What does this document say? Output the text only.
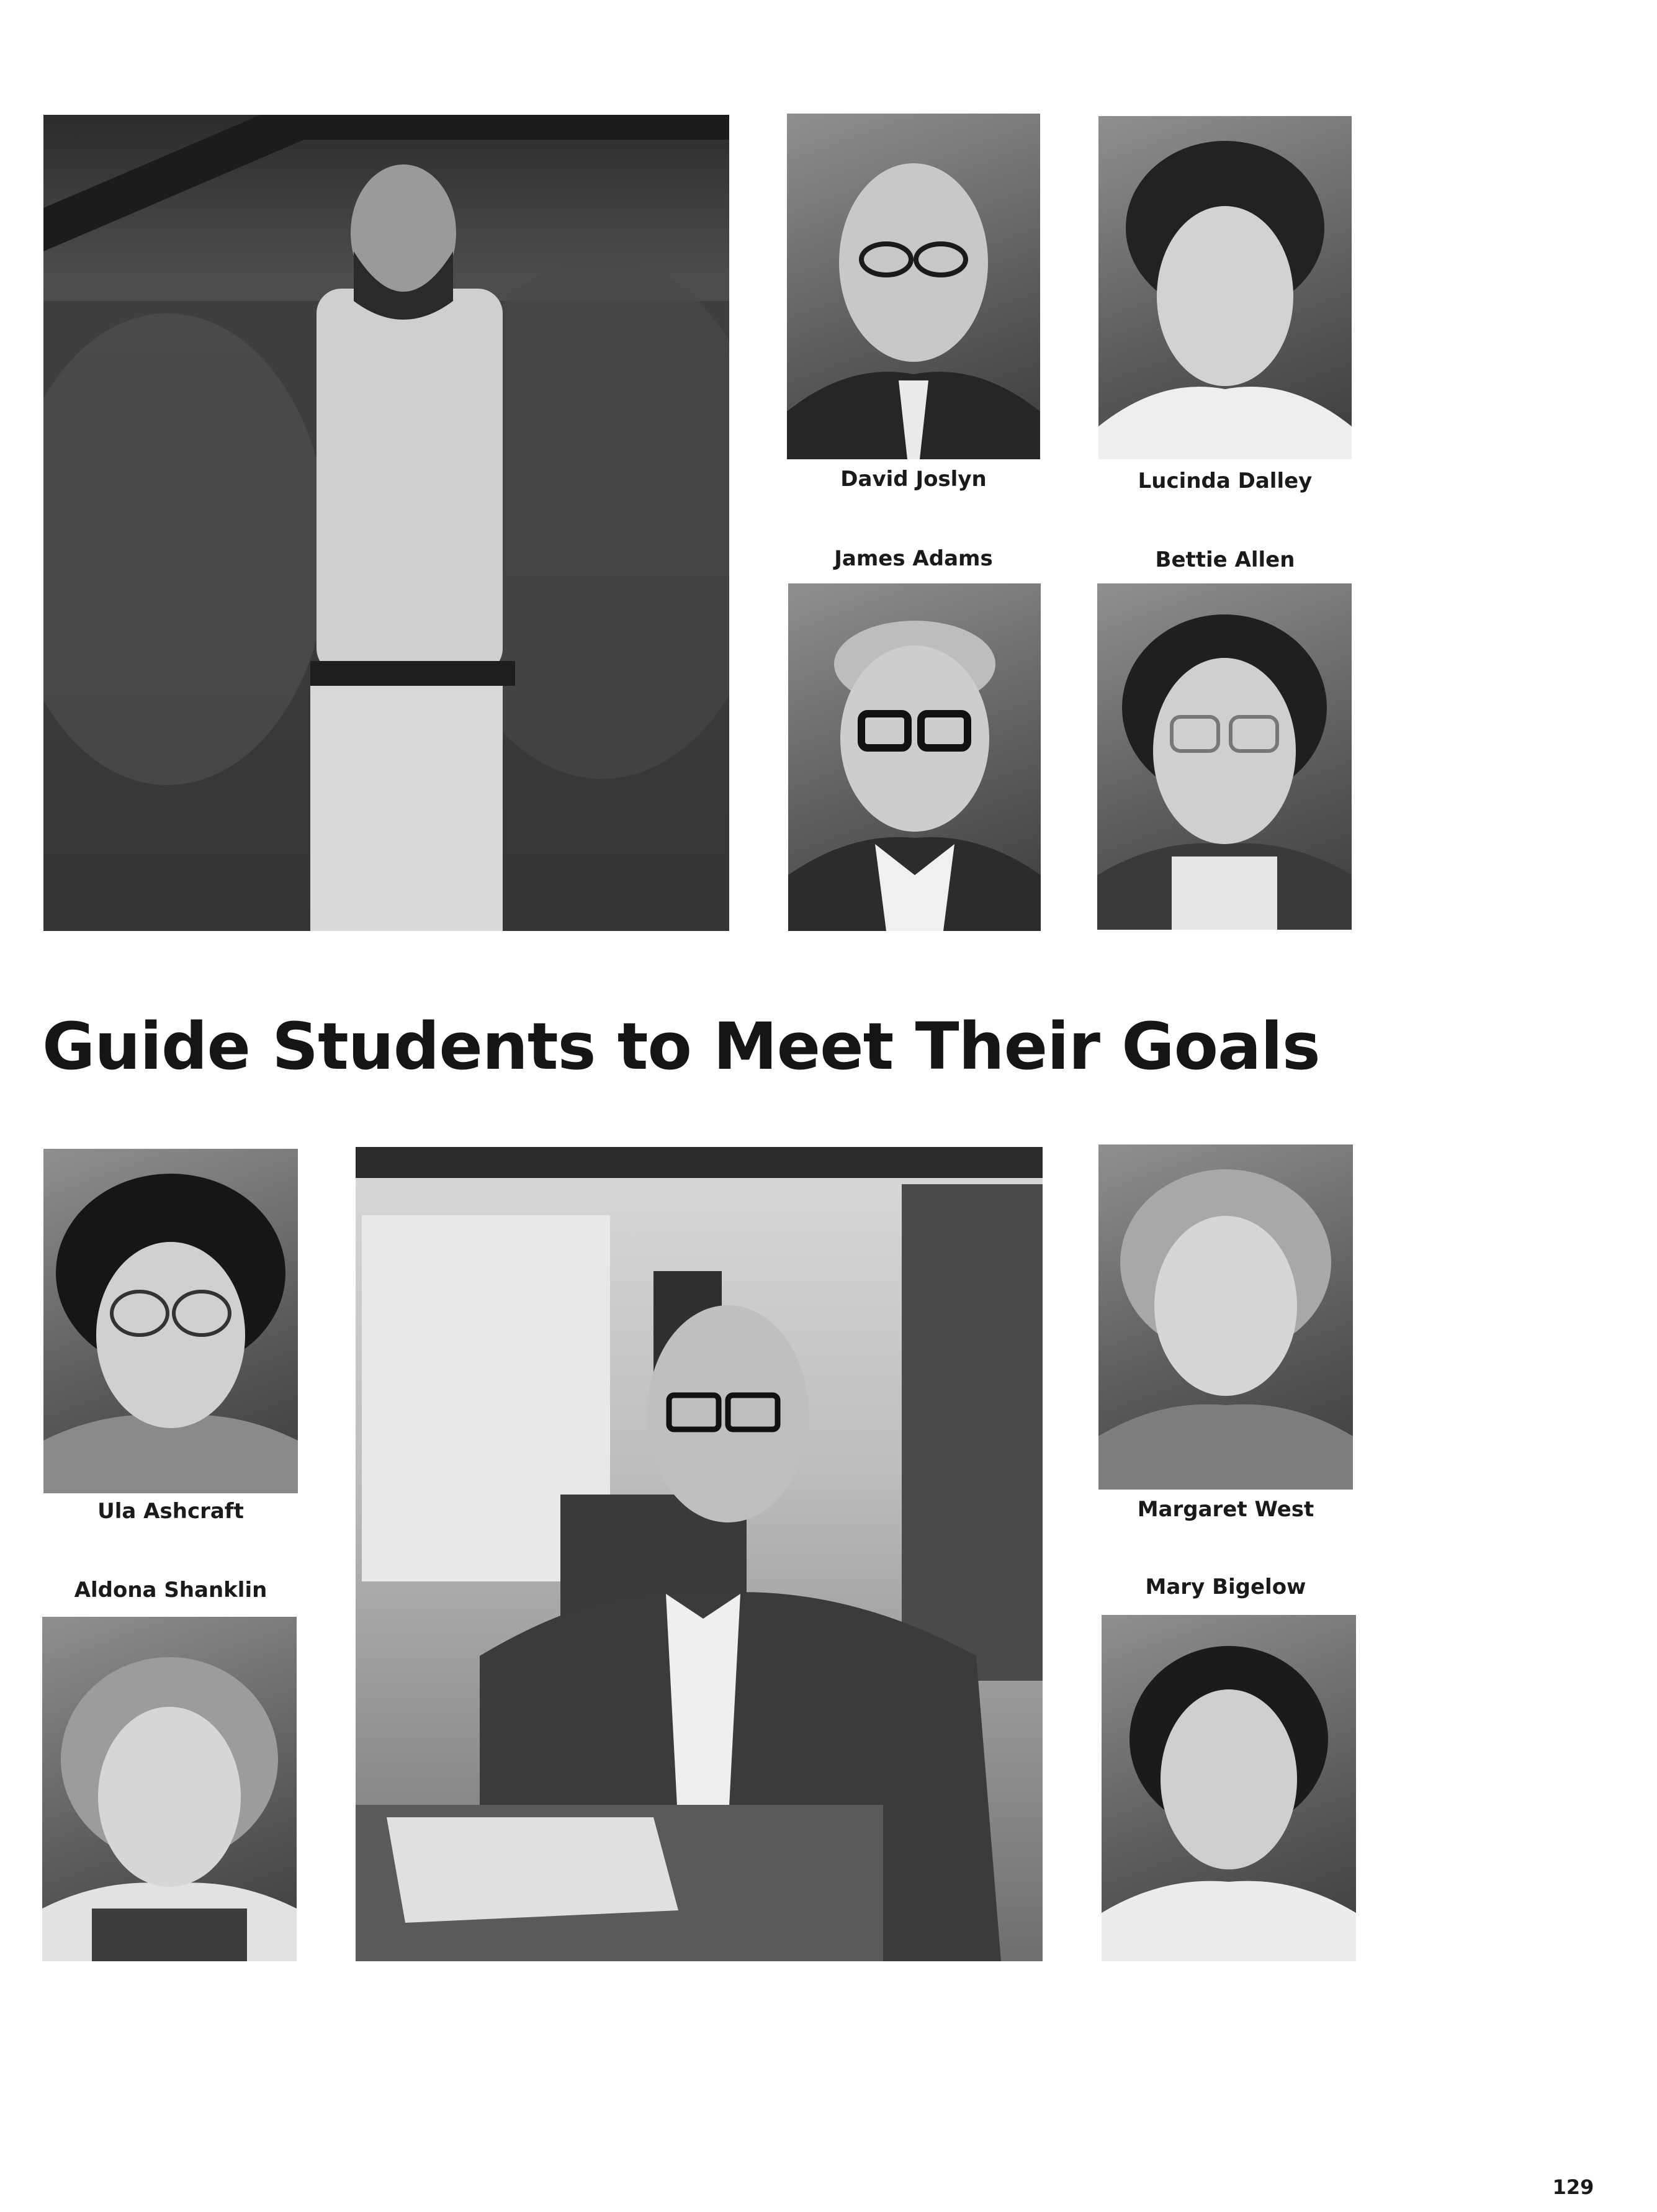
David Joslyn	Lucinda Dalley
James Adams	Bettie Allen
Guide Students to Meet Their Goals
Ula Ashcraft
Aldona Shanklin
Margaret West
Mary Bigelow
129
